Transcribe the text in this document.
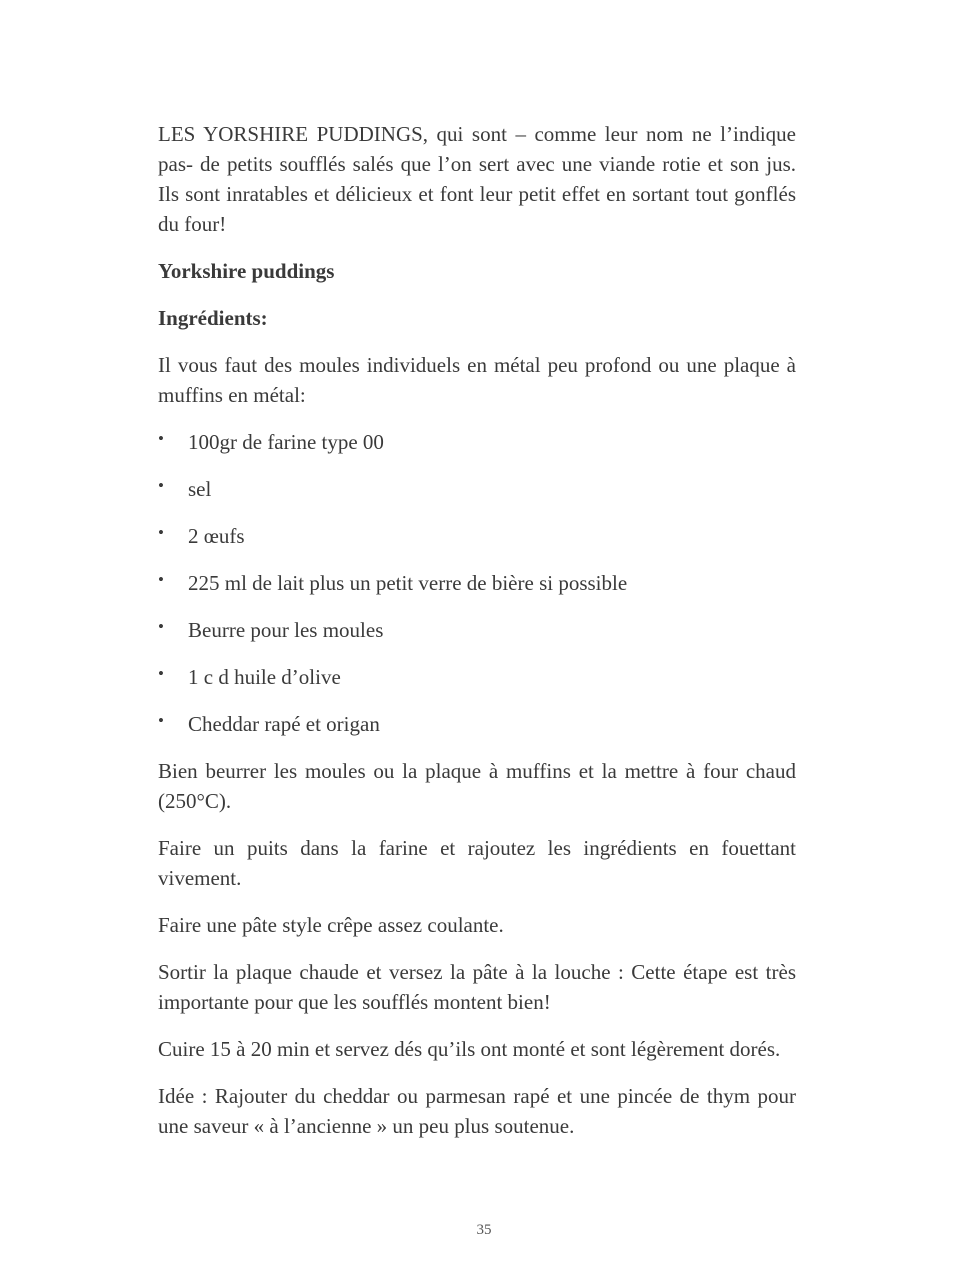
LES YORSHIRE PUDDINGS, qui sont – comme leur nom ne l’indique pas- de petits soufflés salés que l’on sert avec une viande rotie et son jus. Ils sont inratables et délicieux et font leur petit effet en sortant tout gonflés du four!

Yorkshire puddings

Ingrédients:

Il vous faut des moules individuels en métal peu profond ou une plaque à muffins en métal:

• 100gr de farine type 00
• sel
• 2 œufs
• 225 ml de lait plus un petit verre de bière si possible
• Beurre pour les moules
• 1 c d huile d’olive
• Cheddar rapé et origan

Bien beurrer les moules ou la plaque à muffins et la mettre à four chaud (250°C).

Faire un puits dans la farine et rajoutez les ingrédients en fouettant vivement.

Faire une pâte style crêpe assez coulante.

Sortir la plaque chaude et versez la pâte à la louche : Cette étape est très importante pour que les soufflés montent bien!

Cuire 15 à 20 min et servez dés qu’ils ont monté et sont légèrement dorés.

Idée : Rajouter du cheddar ou parmesan rapé et une pincée de thym pour une saveur « à l’ancienne » un peu plus soutenue.

35
